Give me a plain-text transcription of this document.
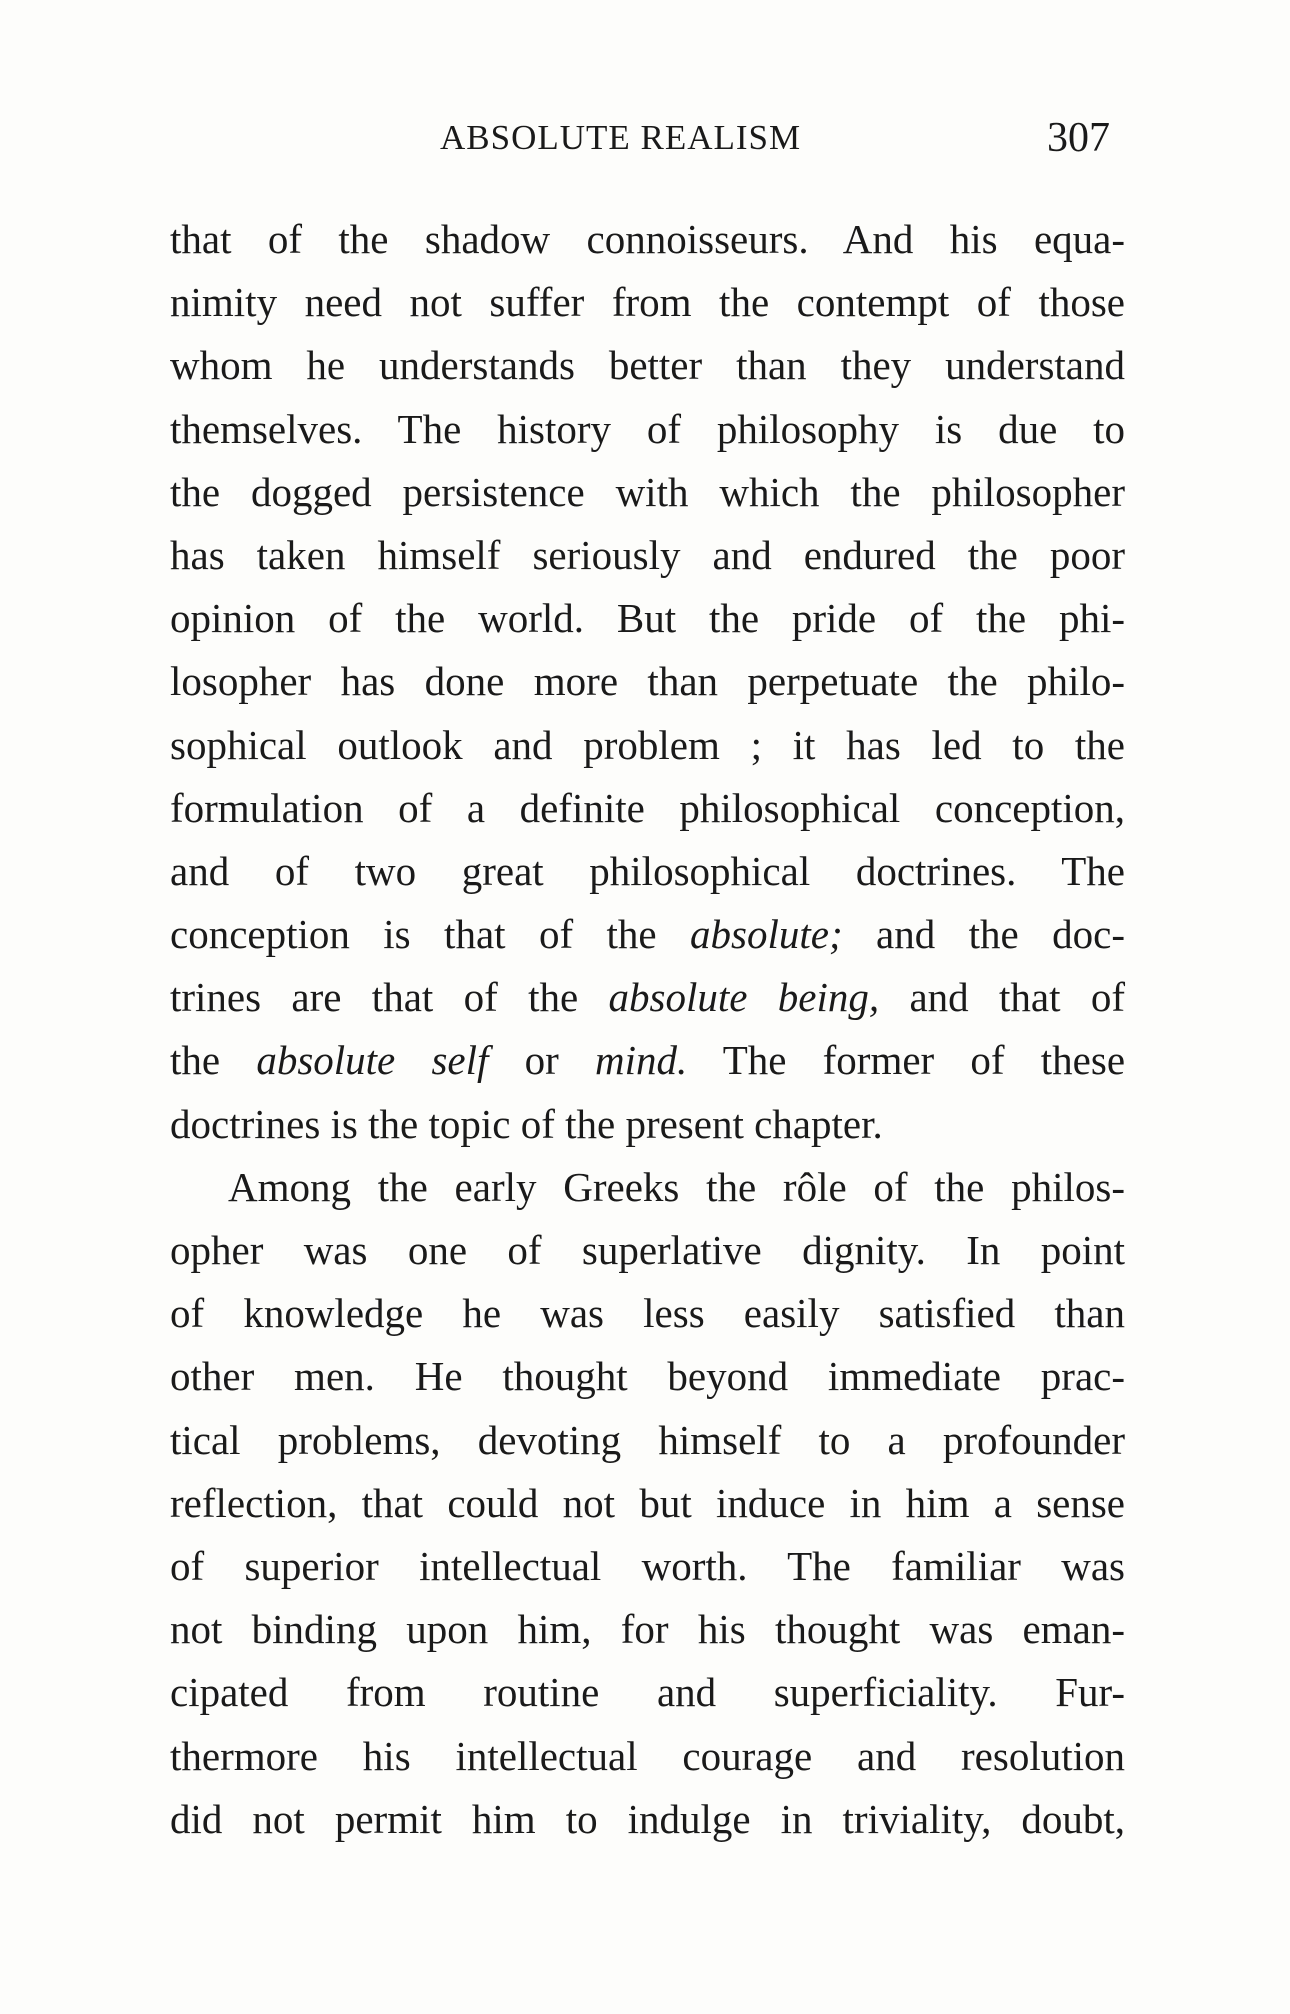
ABSOLUTE REALISM	307
that of the shadow connoisseurs. And his equa-
nimity need not suffer from the contempt of those
whom he understands better than they understand
themselves. The history of philosophy is due to
the dogged persistence with which the philosopher
has taken himself seriously and endured the poor
opinion of the world. But the pride of the phi-
losopher has done more than perpetuate the philo-
sophical outlook and problem ; it has led to the
formulation of a definite philosophical conception,
and of two great philosophical doctrines. The
conception is that of the absolute; and the doc-
trines are that of the absolute being, and that of
the absolute self or mind. The former of these
doctrines is the topic of the present chapter.
Among the early Greeks the rôle of the philos-
opher was one of superlative dignity. In point
of knowledge he was less easily satisfied than
other men. He thought beyond immediate prac-
tical problems, devoting himself to a profounder
reflection, that could not but induce in him a sense
of superior intellectual worth. The familiar was
not binding upon him, for his thought was eman-
cipated from routine and superficiality. Fur-
thermore his intellectual courage and resolution
did not permit him to indulge in triviality, doubt,
